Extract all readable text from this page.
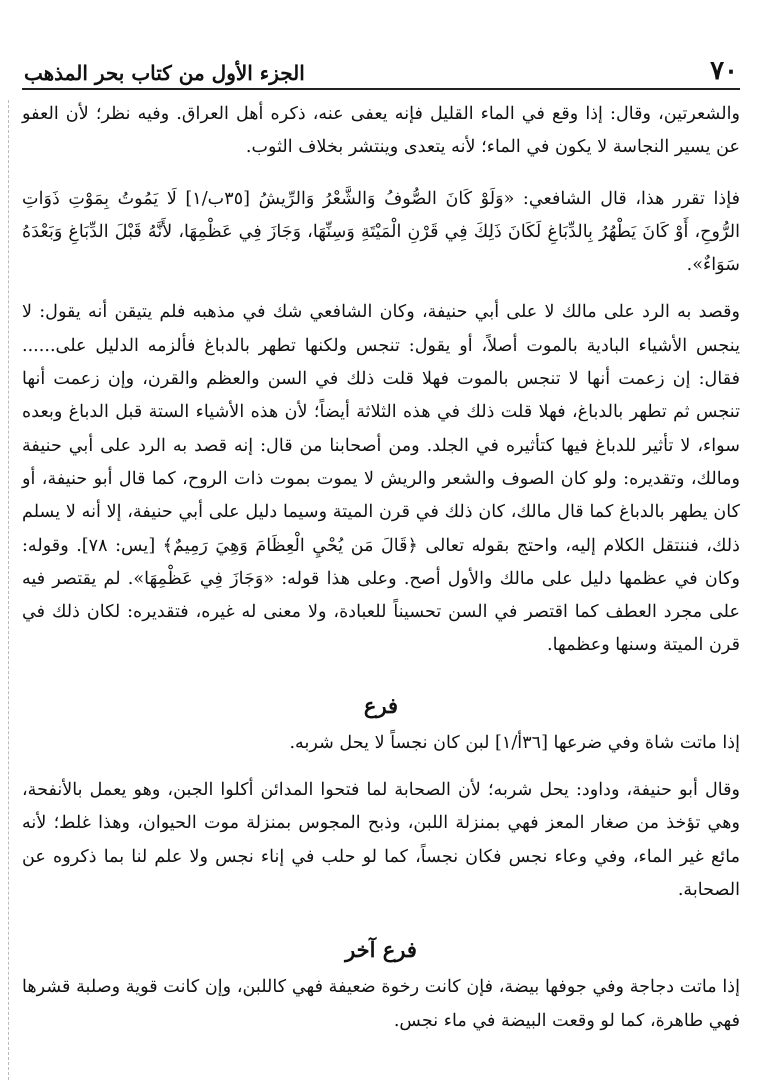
٧٠
الجزء الأول من كتاب بحر المذهب

والشعرتين، وقال: إذا وقع في الماء القليل فإنه يعفى عنه، ذكره أهل العراق. وفيه نظر؛ لأن العفو عن يسير النجاسة لا يكون في الماء؛ لأنه يتعدى وينتشر بخلاف الثوب.

فإذا تقرر هذا، قال الشافعي: «وَلَوْ كَانَ الصُّوفُ وَالشَّعْرُ وَالرِّيشُ [٣٥ب/١] لَا يَمُوتُ بِمَوْتِ ذَوَاتِ الرُّوحِ، أَوْ كَانَ يَطْهُرُ بِالدِّبَاغِ لَكَانَ ذَلِكَ فِي قَرْنِ الْمَيْتَةِ وَسِنِّهَا، وَجَازَ فِي عَظْمِهَا، لأَنَّهُ قَبْلَ الدِّبَاغِ وَبَعْدَهُ سَوَاءٌ».

وقصد به الرد على مالك لا على أبي حنيفة، وكان الشافعي شك في مذهبه فلم يتيقن أنه يقول: لا ينجس الأشياء البادية بالموت أصلاً، أو يقول: تنجس ولكنها تطهر بالدباغ فألزمه الدليل على...... فقال: إن زعمت أنها لا تنجس بالموت فهلا قلت ذلك في السن والعظم والقرن، وإن زعمت أنها تنجس ثم تطهر بالدباغ، فهلا قلت ذلك في هذه الثلاثة أيضاً؛ لأن هذه الأشياء الستة قبل الدباغ وبعده سواء، لا تأثير للدباغ فيها كتأثيره في الجلد. ومن أصحابنا من قال: إنه قصد به الرد على أبي حنيفة ومالك، وتقديره: ولو كان الصوف والشعر والريش لا يموت بموت ذات الروح، كما قال أبو حنيفة، أو كان يطهر بالدباغ كما قال مالك، كان ذلك في قرن الميتة وسيما دليل على أبي حنيفة، إلا أنه لا يسلم ذلك، فننتقل الكلام إليه، واحتج بقوله تعالى ﴿قَالَ مَن يُحْيِ الْعِظَامَ وَهِيَ رَمِيمٌ﴾ [يس: ٧٨]. وقوله: وكان في عظمها دليل على مالك والأول أصح. وعلى هذا قوله: «وَجَازَ فِي عَظْمِهَا». لم يقتصر فيه على مجرد العطف كما اقتصر في السن تحسيناً للعبادة، ولا معنى له غيره، فتقديره: لكان ذلك في قرن الميتة وسنها وعظمها.

فرع

إذا ماتت شاة وفي ضرعها [٣٦أ/١] لبن كان نجساً لا يحل شربه.

وقال أبو حنيفة، وداود: يحل شربه؛ لأن الصحابة لما فتحوا المدائن أكلوا الجبن، وهو يعمل بالأنفحة، وهي تؤخذ من صغار المعز فهي بمنزلة اللبن، وذبح المجوس بمنزلة موت الحيوان، وهذا غلط؛ لأنه مائع غير الماء، وفي وعاء نجس فكان نجساً، كما لو حلب في إناء نجس ولا علم لنا بما ذكروه عن الصحابة.

فرع آخر

إذا ماتت دجاجة وفي جوفها بيضة، فإن كانت رخوة ضعيفة فهي كاللبن، وإن كانت قوية وصلبة قشرها فهي طاهرة، كما لو وقعت البيضة في ماء نجس.
